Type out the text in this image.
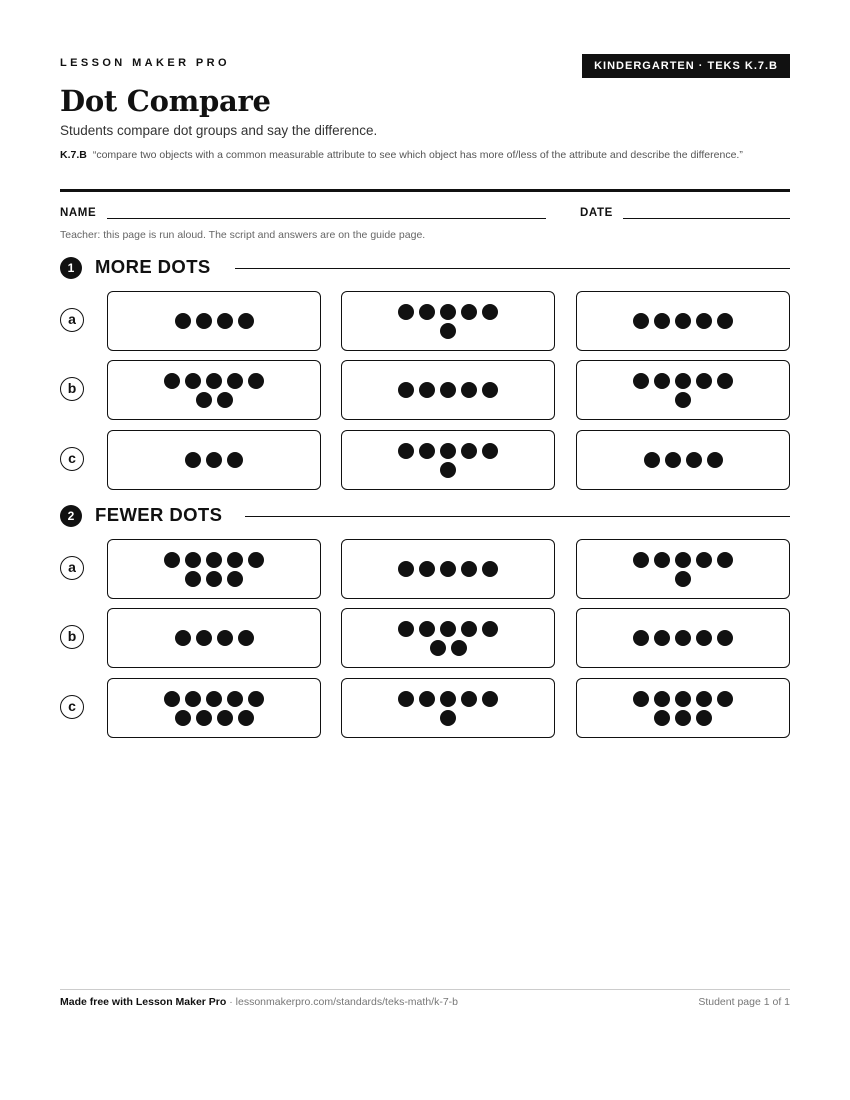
LESSON MAKER PRO	KINDERGARTEN · TEKS K.7.B
Dot Compare
Students compare dot groups and say the difference.
K.7.B “compare two objects with a common measurable attribute to see which object has more of/less of the attribute and describe the difference.”
NAME	DATE
Teacher: this page is run aloud. The script and answers are on the guide page.
1	MORE DOTS
a
b
c
2	FEWER DOTS
a
b
c
Made free with Lesson Maker Pro · lessonmakerpro.com/standards/teks-math/k-7-b	Student page 1 of 1
